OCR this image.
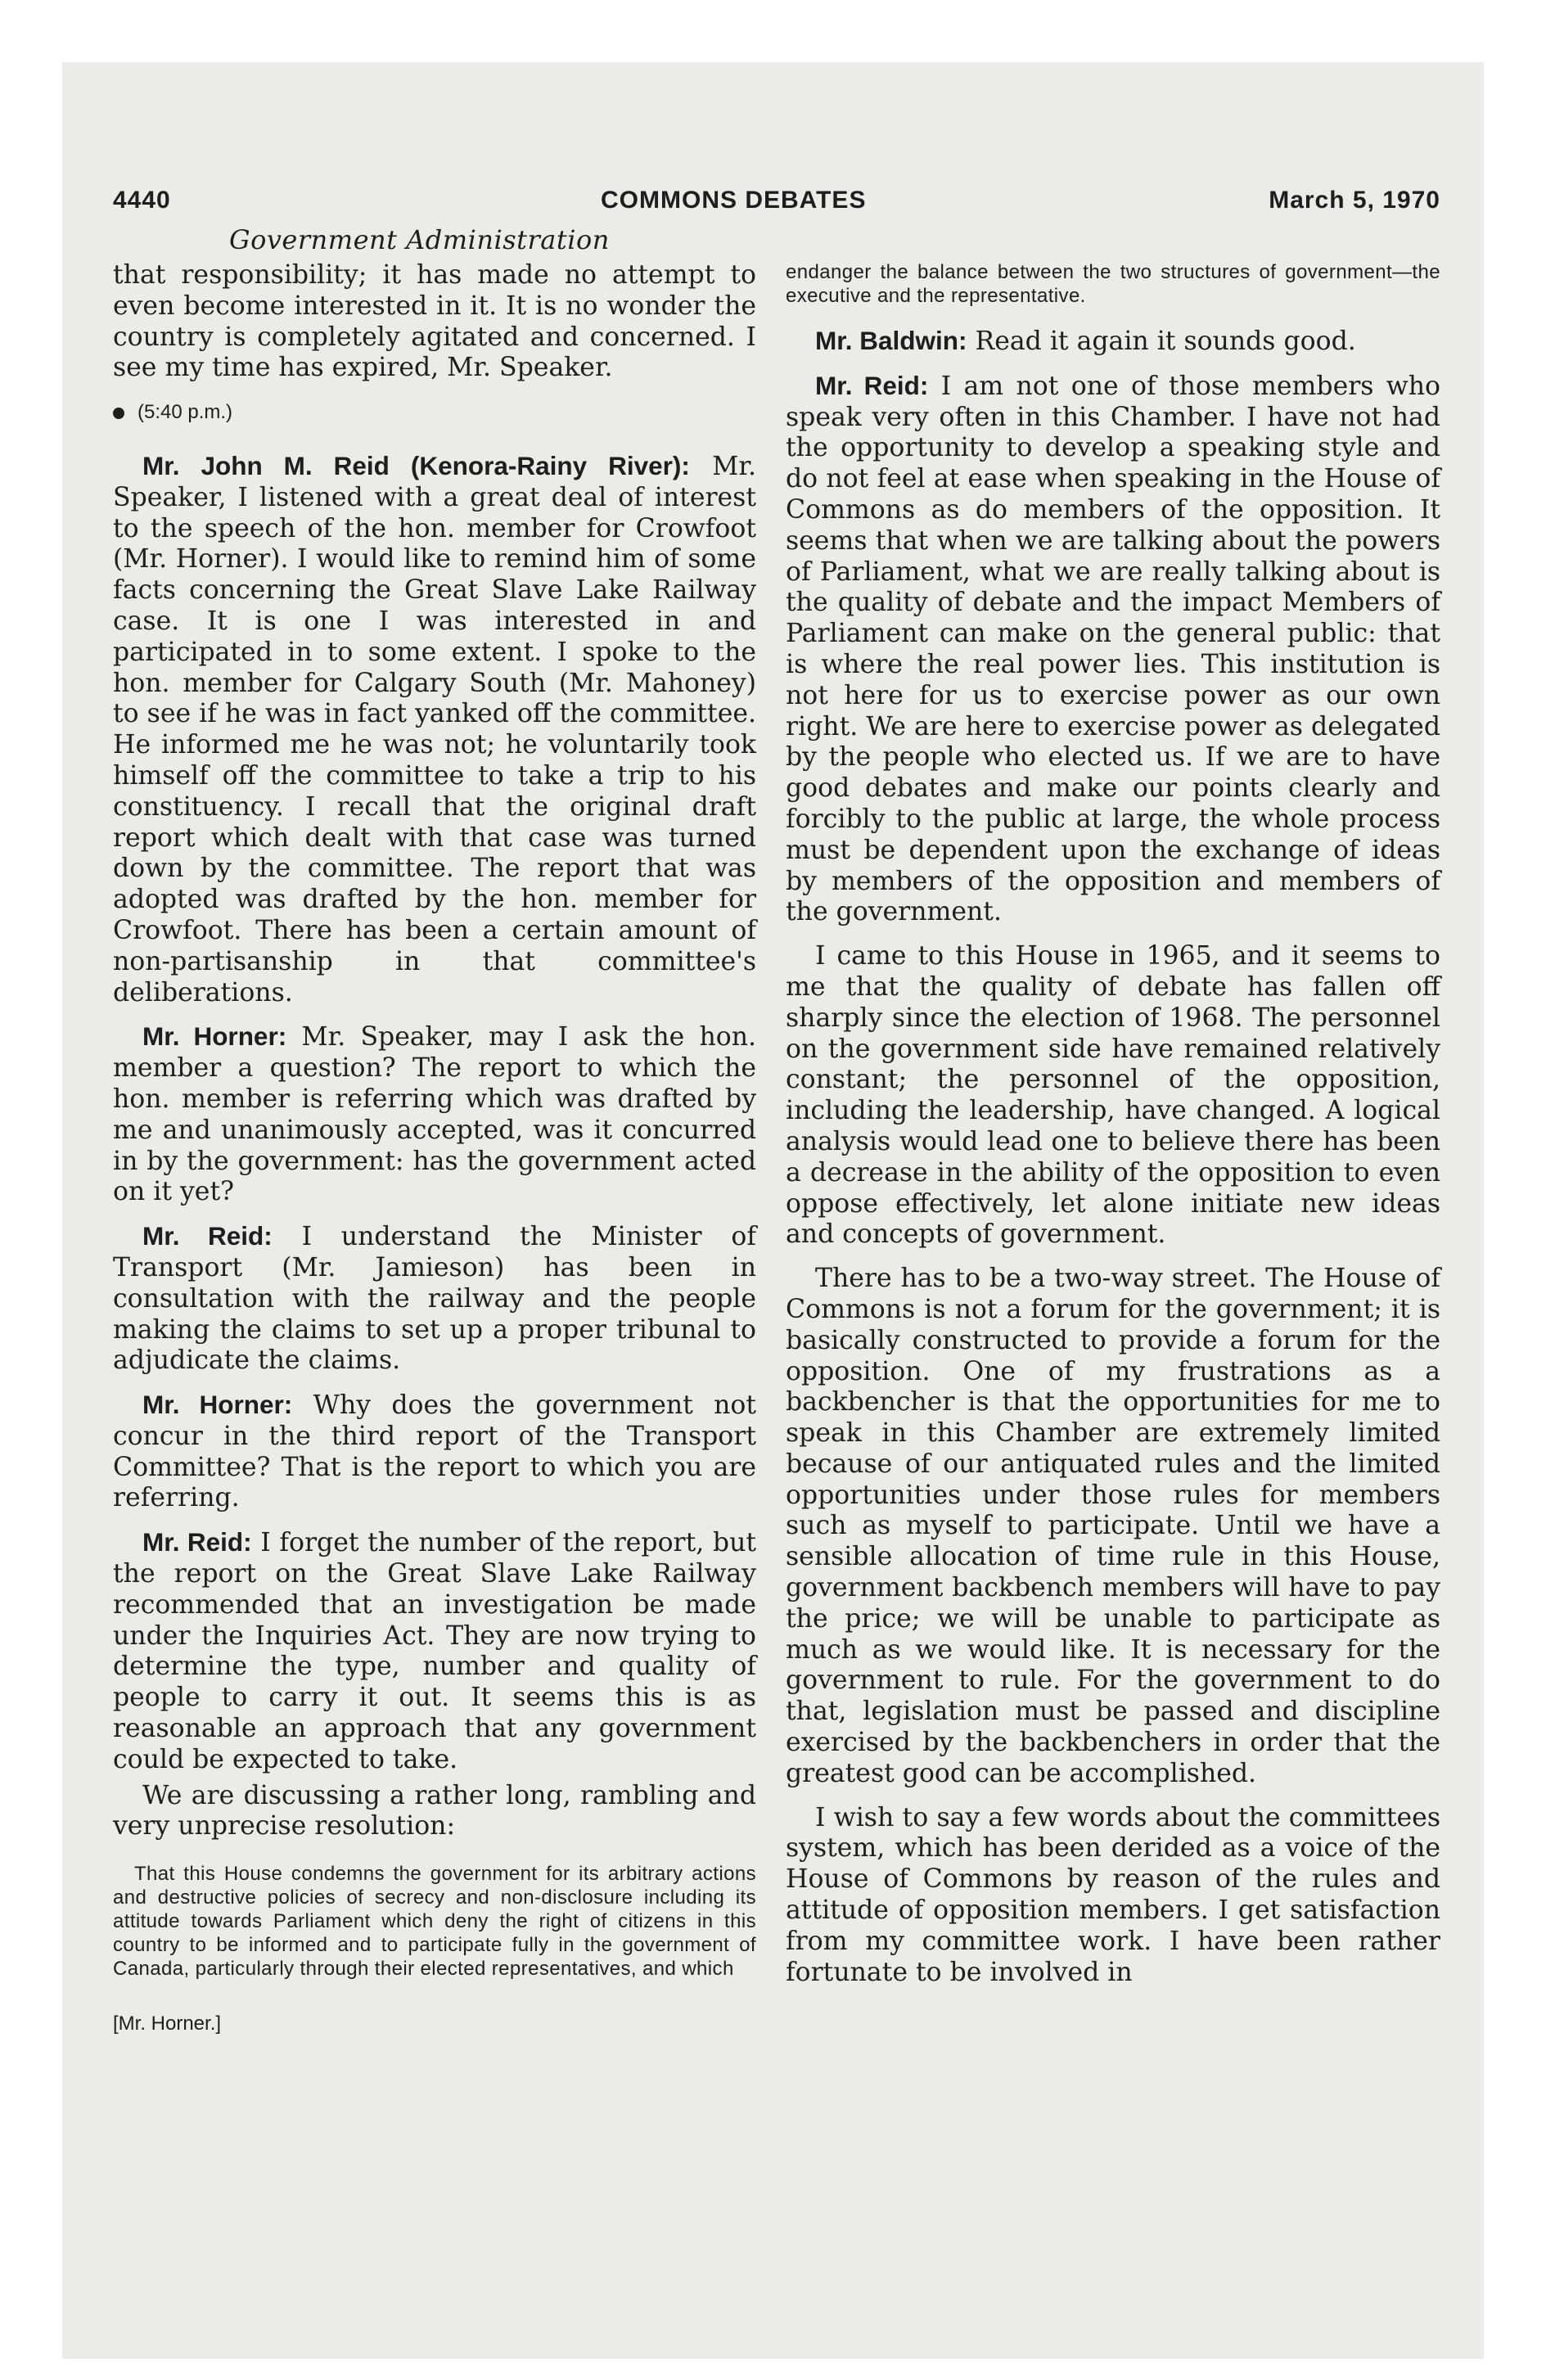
4440	COMMONS DEBATES	March 5, 1970
Government Administration

that responsibility; it has made no attempt to even become interested in it. It is no wonder the country is completely agitated and concerned. I see my time has expired, Mr. Speaker.

(5:40 p.m.)

Mr. John M. Reid (Kenora-Rainy River): Mr. Speaker, I listened with a great deal of interest to the speech of the hon. member for Crowfoot (Mr. Horner). I would like to remind him of some facts concerning the Great Slave Lake Railway case. It is one I was interested in and participated in to some extent. I spoke to the hon. member for Calgary South (Mr. Mahoney) to see if he was in fact yanked off the committee. He informed me he was not; he voluntarily took himself off the committee to take a trip to his constituency. I recall that the original draft report which dealt with that case was turned down by the committee. The report that was adopted was drafted by the hon. member for Crowfoot. There has been a certain amount of non-partisanship in that committee's deliberations.

Mr. Horner: Mr. Speaker, may I ask the hon. member a question? The report to which the hon. member is referring which was drafted by me and unanimously accepted, was it concurred in by the government: has the government acted on it yet?

Mr. Reid: I understand the Minister of Transport (Mr. Jamieson) has been in consultation with the railway and the people making the claims to set up a proper tribunal to adjudicate the claims.

Mr. Horner: Why does the government not concur in the third report of the Transport Committee? That is the report to which you are referring.

Mr. Reid: I forget the number of the report, but the report on the Great Slave Lake Railway recommended that an investigation be made under the Inquiries Act. They are now trying to determine the type, number and quality of people to carry it out. It seems this is as reasonable an approach that any government could be expected to take.

We are discussing a rather long, rambling and very unprecise resolution:

That this House condemns the government for its arbitrary actions and destructive policies of secrecy and non-disclosure including its attitude towards Parliament which deny the right of citizens in this country to be informed and to participate fully in the government of Canada, particularly through their elected representatives, and which

[Mr. Horner.]

endanger the balance between the two structures of government—the executive and the representative.

Mr. Baldwin: Read it again it sounds good.

Mr. Reid: I am not one of those members who speak very often in this Chamber. I have not had the opportunity to develop a speaking style and do not feel at ease when speaking in the House of Commons as do members of the opposition. It seems that when we are talking about the powers of Parliament, what we are really talking about is the quality of debate and the impact Members of Parliament can make on the general public: that is where the real power lies. This institution is not here for us to exercise power as our own right. We are here to exercise power as delegated by the people who elected us. If we are to have good debates and make our points clearly and forcibly to the public at large, the whole process must be dependent upon the exchange of ideas by members of the opposition and members of the government.

I came to this House in 1965, and it seems to me that the quality of debate has fallen off sharply since the election of 1968. The personnel on the government side have remained relatively constant; the personnel of the opposition, including the leadership, have changed. A logical analysis would lead one to believe there has been a decrease in the ability of the opposition to even oppose effectively, let alone initiate new ideas and concepts of government.

There has to be a two-way street. The House of Commons is not a forum for the government; it is basically constructed to provide a forum for the opposition. One of my frustrations as a backbencher is that the opportunities for me to speak in this Chamber are extremely limited because of our antiquated rules and the limited opportunities under those rules for members such as myself to participate. Until we have a sensible allocation of time rule in this House, government backbench members will have to pay the price; we will be unable to participate as much as we would like. It is necessary for the government to rule. For the government to do that, legislation must be passed and discipline exercised by the backbenchers in order that the greatest good can be accomplished.

I wish to say a few words about the committees system, which has been derided as a voice of the House of Commons by reason of the rules and attitude of opposition members. I get satisfaction from my committee work. I have been rather fortunate to be involved in
